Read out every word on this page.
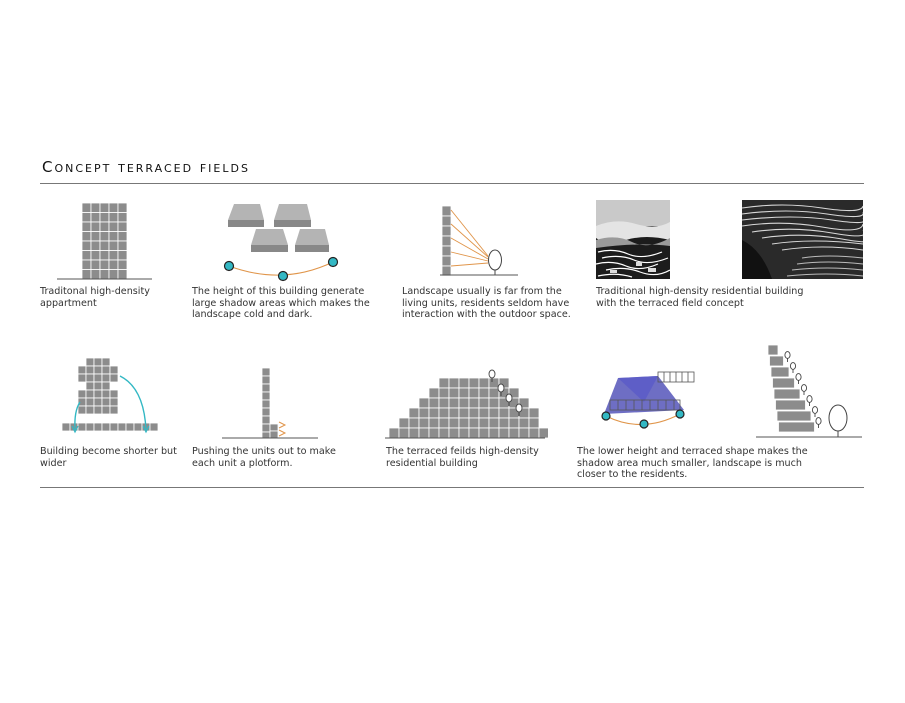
Concept terraced fields

Traditonal high-density appartment

The height of this building generate large shadow areas which makes the landscape cold and dark.

Landscape usually is far from the living units, residents seldom have interaction with the outdoor space.

Traditional high-density residential building with the terraced field concept

Building become shorter but wider

Pushing the units out to make each unit a plotform.

The terraced feilds high-density residential building

The lower height and terraced shape makes the shadow area much smaller, landscape is much closer to the residents.
